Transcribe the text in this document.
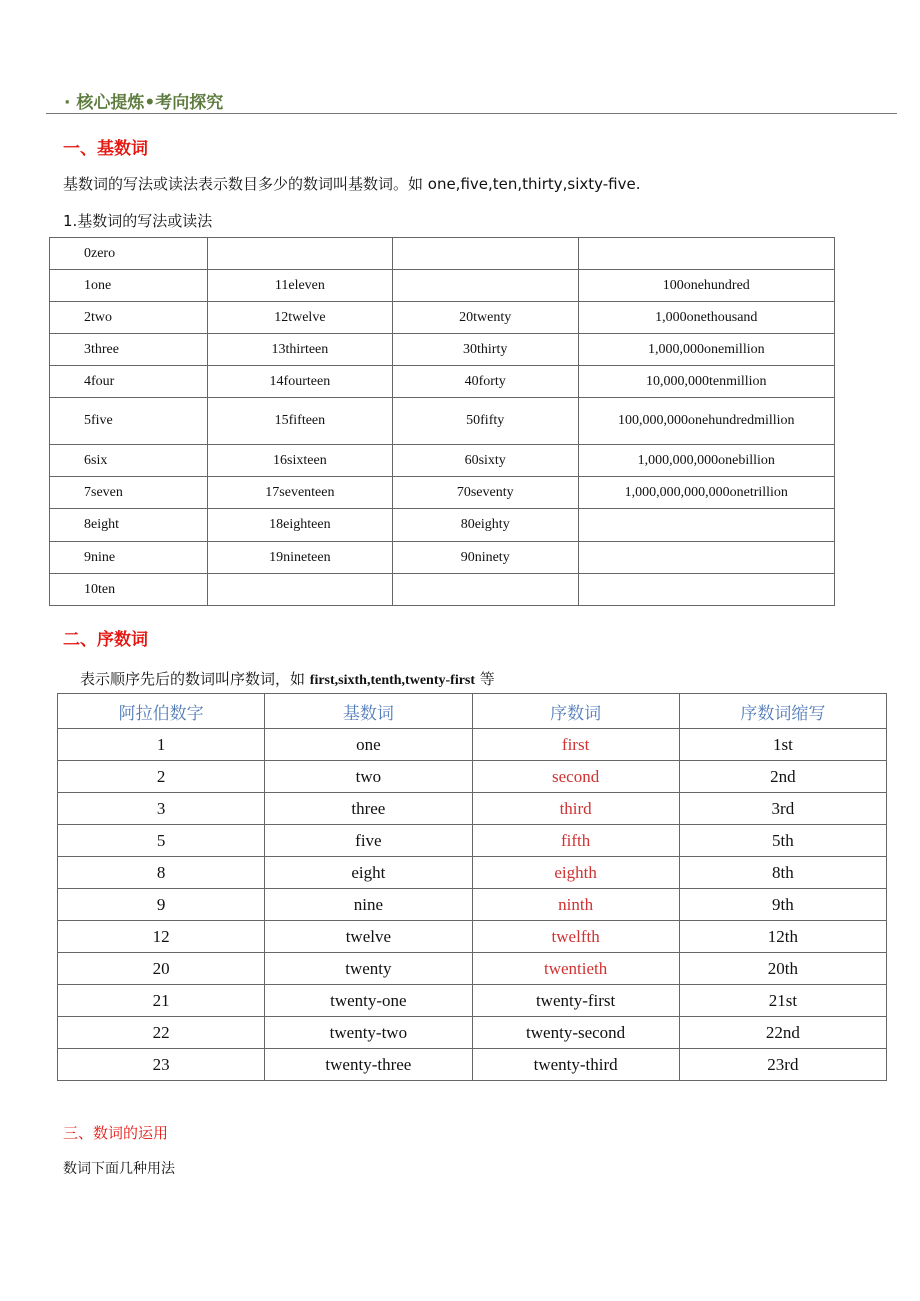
· 核心提炼•考向探究
一、基数词
基数词的写法或读法表示数目多少的数词叫基数词。如 one,five,ten,thirty,sixty-five.
1.基数词的写法或读法
0zero			
1one	11eleven		100onehundred
2two	12twelve	20twenty	1,000onethousand
3three	13thirteen	30thirty	1,000,000onemillion
4four	14fourteen	40forty	10,000,000tenmillion
5five	15fifteen	50fifty	100,000,000onehundredmillion
6six	16sixteen	60sixty	1,000,000,000onebillion
7seven	17seventeen	70seventy	1,000,000,000,000onetrillion
8eight	18eighteen	80eighty	
9nine	19nineteen	90ninety	
10ten			
二、序数词
表示顺序先后的数词叫序数词，如 first,sixth,tenth,twenty-first 等
阿拉伯数字	基数词	序数词	序数词缩写
1	one	first	1st
2	two	second	2nd
3	three	third	3rd
5	five	fifth	5th
8	eight	eighth	8th
9	nine	ninth	9th
12	twelve	twelfth	12th
20	twenty	twentieth	20th
21	twenty-one	twenty-first	21st
22	twenty-two	twenty-second	22nd
23	twenty-three	twenty-third	23rd
三、数词的运用
数词下面几种用法
